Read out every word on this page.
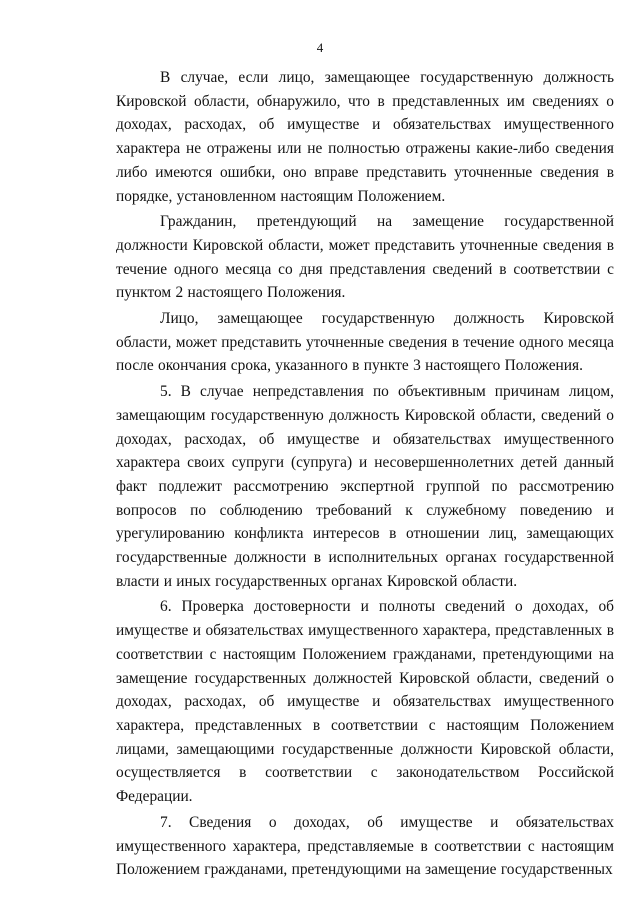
4

В случае, если лицо, замещающее государственную должность Кировской области, обнаружило, что в представленных им сведениях о доходах, расходах, об имуществе и обязательствах имущественного характера не отражены или не полностью отражены какие-либо сведения либо имеются ошибки, оно вправе представить уточненные сведения в порядке, установленном настоящим Положением.

Гражданин, претендующий на замещение государственной должности Кировской области, может представить уточненные сведения в течение одного месяца со дня представления сведений в соответствии с пунктом 2 настоящего Положения.

Лицо, замещающее государственную должность Кировской области, может представить уточненные сведения в течение одного месяца после окончания срока, указанного в пункте 3 настоящего Положения.

5. В случае непредставления по объективным причинам лицом, замещающим государственную должность Кировской области, сведений о доходах, расходах, об имуществе и обязательствах имущественного характера своих супруги (супруга) и несовершеннолетних детей данный факт подлежит рассмотрению экспертной группой по рассмотрению вопросов по соблюдению требований к служебному поведению и урегулированию конфликта интересов в отношении лиц, замещающих государственные должности в исполнительных органах государственной власти и иных государственных органах Кировской области.

6. Проверка достоверности и полноты сведений о доходах, об имуществе и обязательствах имущественного характера, представленных в соответствии с настоящим Положением гражданами, претендующими на замещение государственных должностей Кировской области, сведений о доходах, расходах, об имуществе и обязательствах имущественного характера, представленных в соответствии с настоящим Положением лицами, замещающими государственные должности Кировской области, осуществляется в соответствии с законодательством Российской Федерации.

7. Сведения о доходах, об имуществе и обязательствах имущественного характера, представляемые в соответствии с настоящим Положением гражданами, претендующими на замещение государственных
